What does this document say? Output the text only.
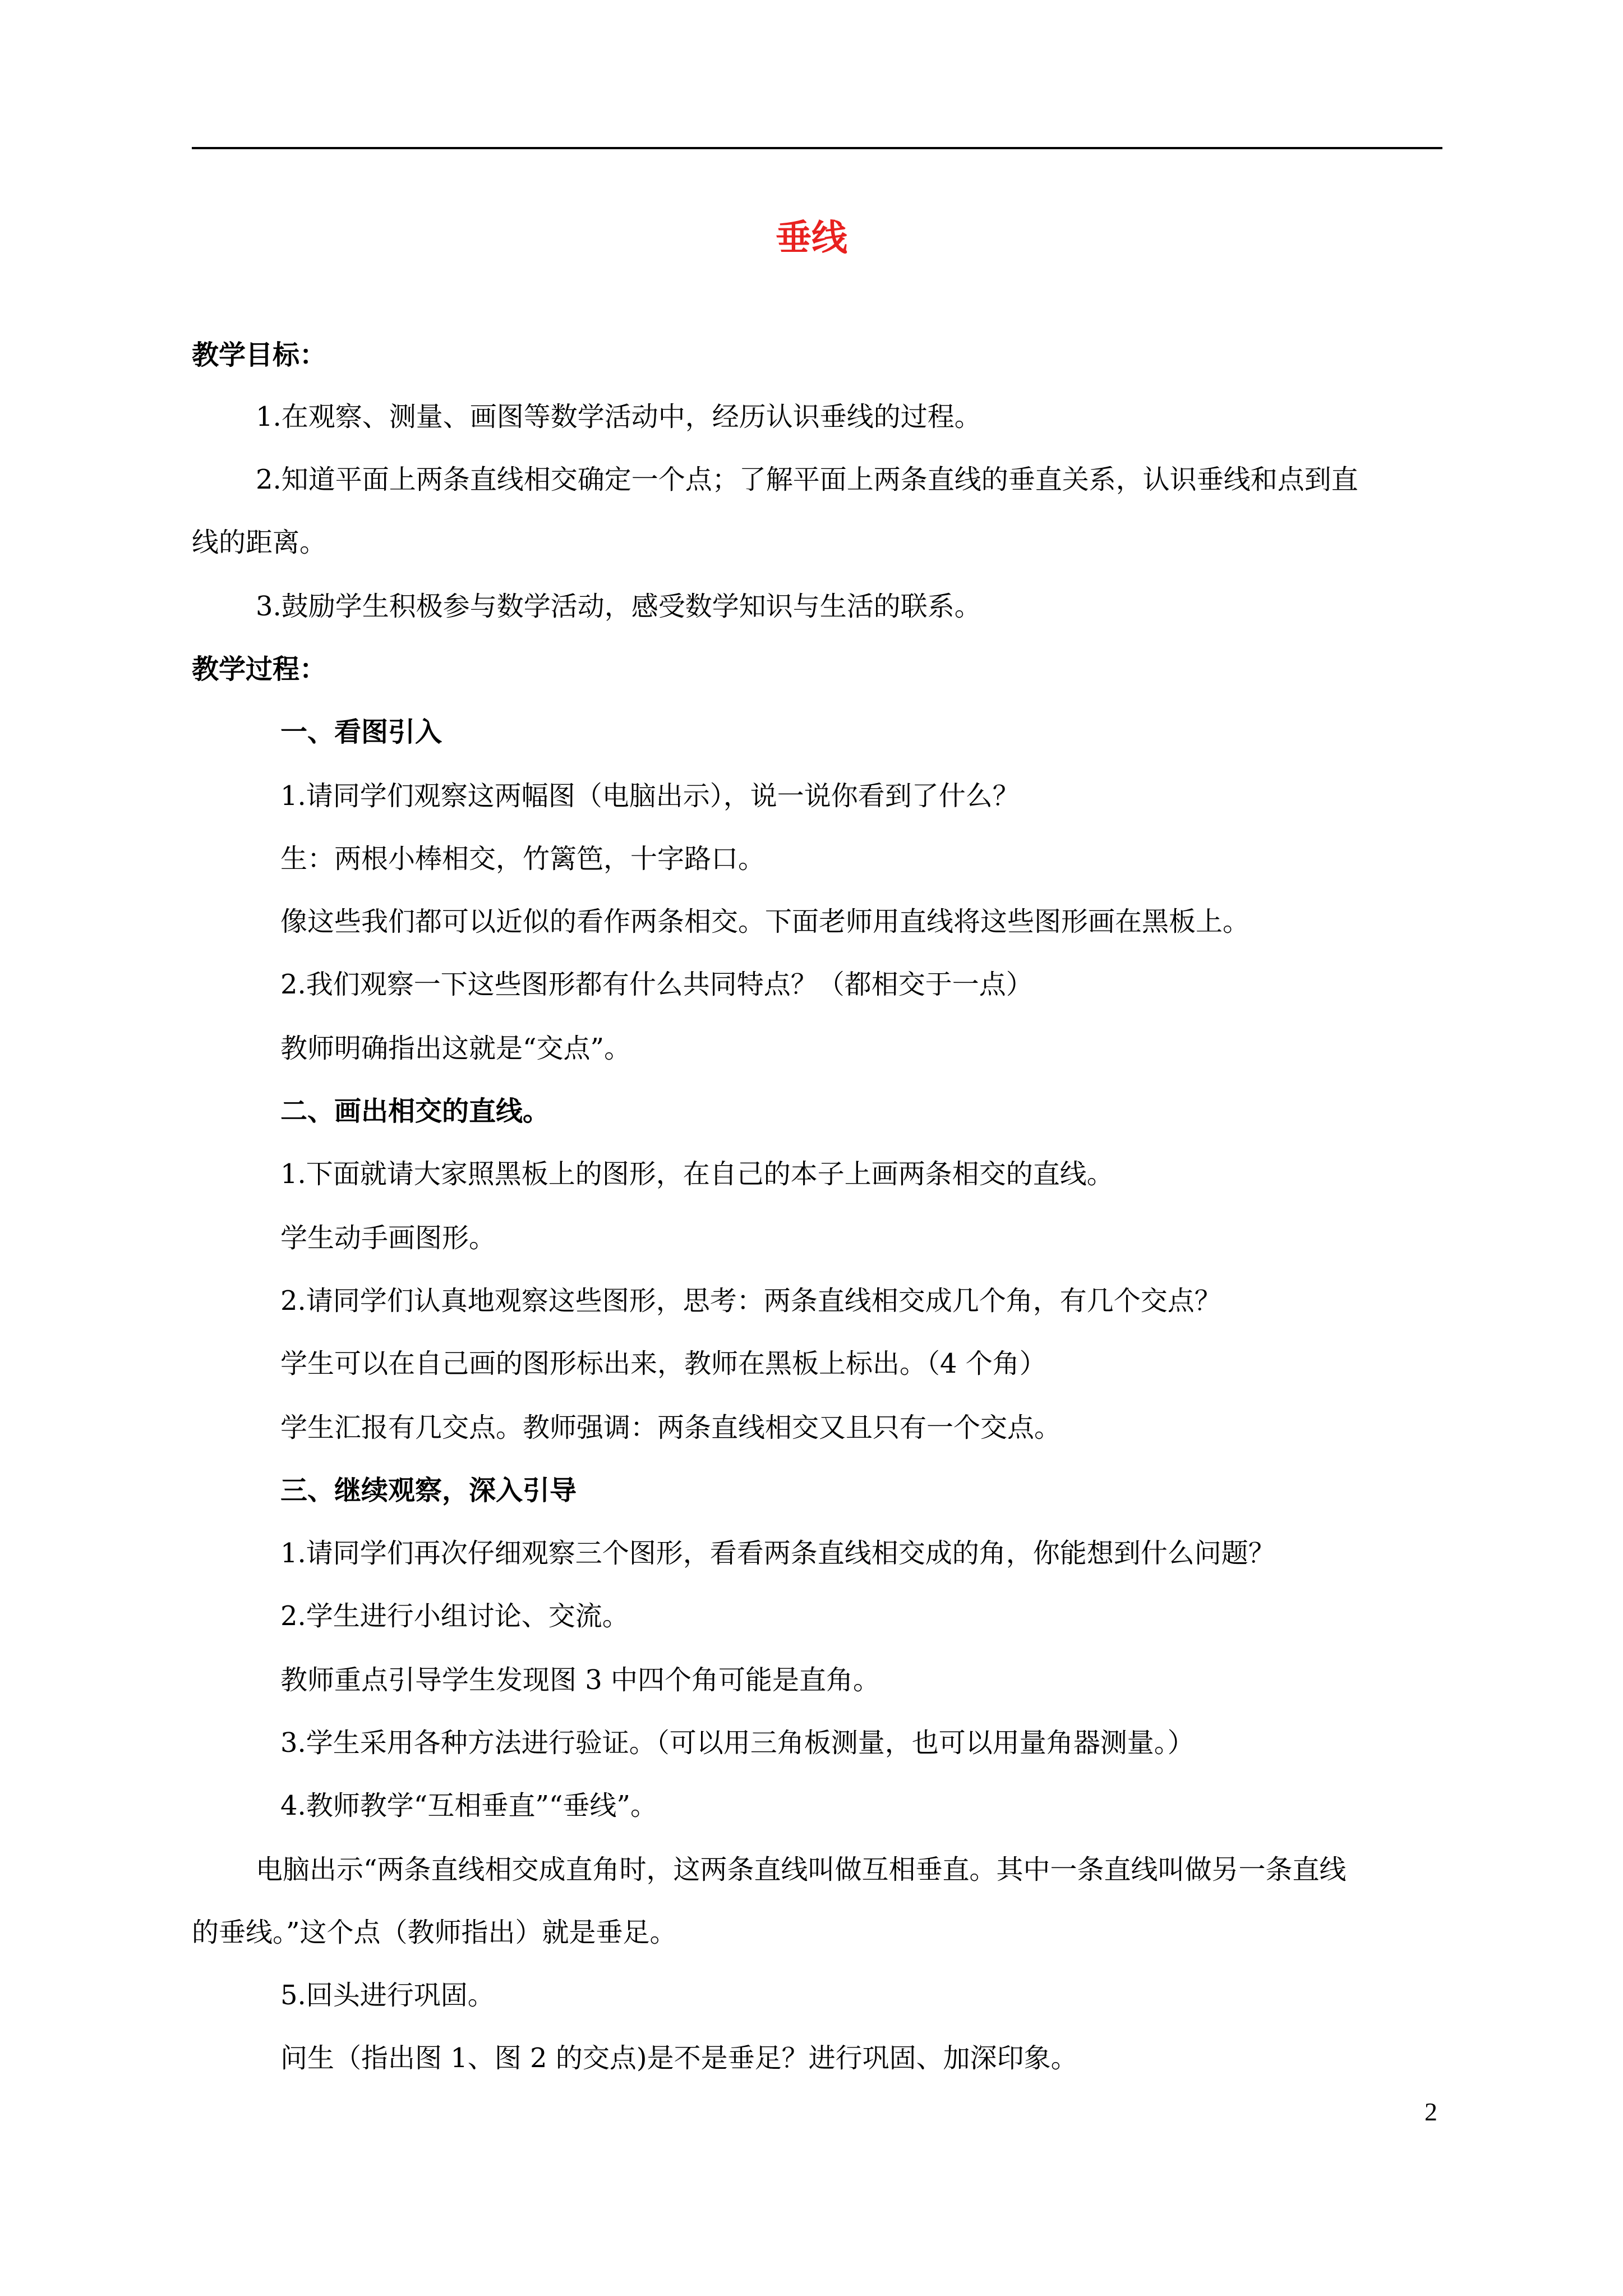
垂线
教学目标：
1.在观察、测量、画图等数学活动中，经历认识垂线的过程。
2.知道平面上两条直线相交确定一个点；了解平面上两条直线的垂直关系，认识垂线和点到直
线的距离。
3.鼓励学生积极参与数学活动，感受数学知识与生活的联系。
教学过程：
一、看图引入
1.请同学们观察这两幅图（电脑出示），说一说你看到了什么？
生：两根小棒相交，竹篱笆，十字路口。
像这些我们都可以近似的看作两条相交。下面老师用直线将这些图形画在黑板上。
2.我们观察一下这些图形都有什么共同特点？（都相交于一点）
教师明确指出这就是“交点”。
二、画出相交的直线。
1.下面就请大家照黑板上的图形，在自己的本子上画两条相交的直线。
学生动手画图形。
2.请同学们认真地观察这些图形，思考：两条直线相交成几个角，有几个交点？
学生可以在自己画的图形标出来，教师在黑板上标出。（4 个角）
学生汇报有几交点。教师强调：两条直线相交又且只有一个交点。
三、继续观察，深入引导
1.请同学们再次仔细观察三个图形，看看两条直线相交成的角，你能想到什么问题？
2.学生进行小组讨论、交流。
教师重点引导学生发现图 3 中四个角可能是直角。
3.学生采用各种方法进行验证。（可以用三角板测量，也可以用量角器测量。）
4.教师教学“互相垂直”“垂线”。
电脑出示“两条直线相交成直角时，这两条直线叫做互相垂直。其中一条直线叫做另一条直线
的垂线。”这个点（教师指出）就是垂足。
5.回头进行巩固。
问生（指出图 1、图 2 的交点)是不是垂足？进行巩固、加深印象。
2
